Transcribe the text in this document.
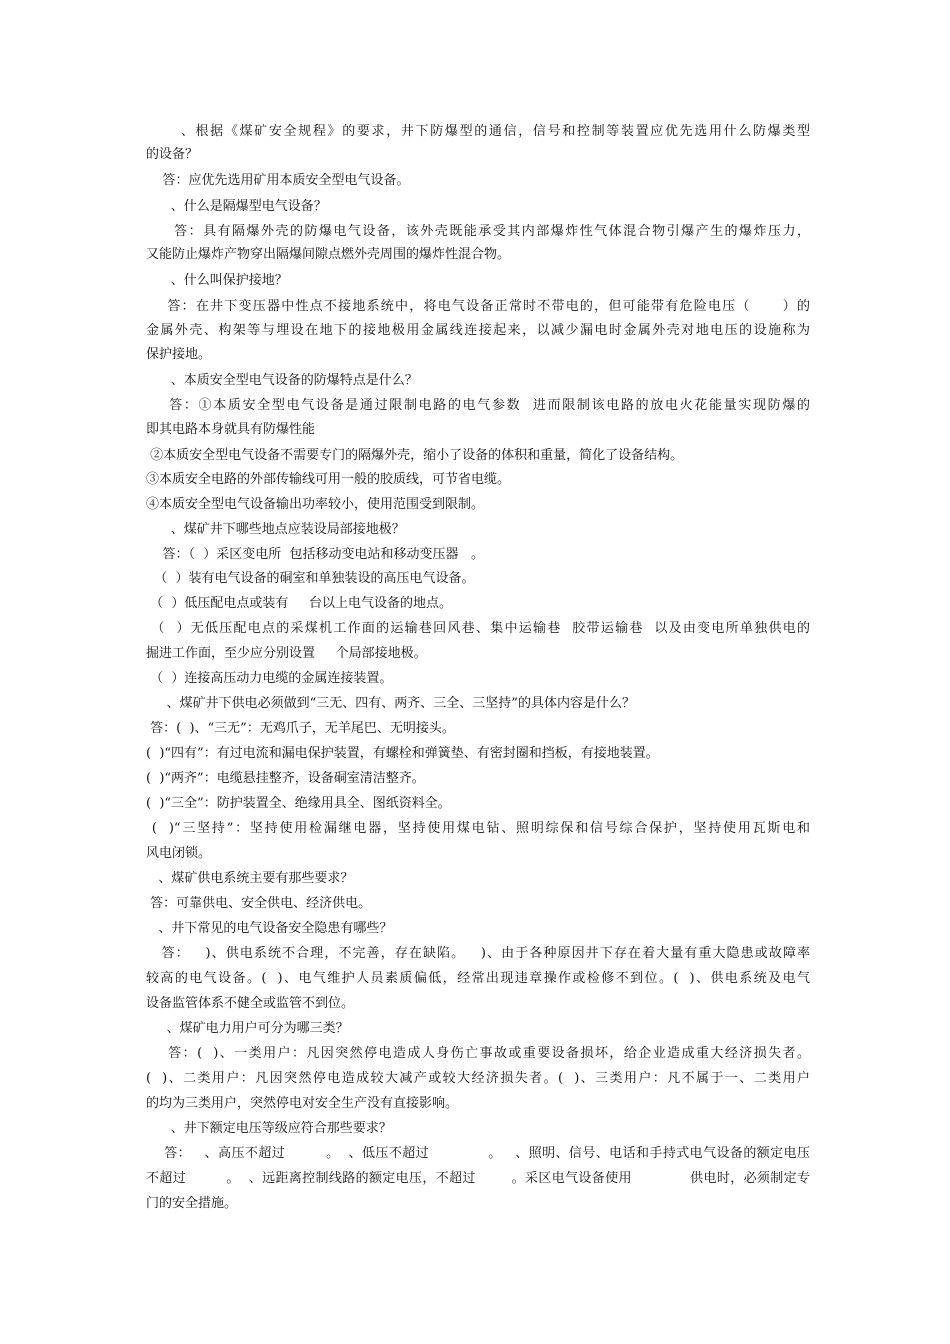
、根据《煤矿安全规程》的要求，井下防爆型的通信，信号和控制等装置应优先选用什么防爆类型
的设备？
答：应优先选用矿用本质安全型电气设备。
、什么是隔爆型电气设备？
答：具有隔爆外壳的防爆电气设备，该外壳既能承受其内部爆炸性气体混合物引爆产生的爆炸压力，
又能防止爆炸产物穿出隔爆间隙点燃外壳周围的爆炸性混合物。
、什么叫保护接地？
答：在井下变压器中性点不接地系统中，将电气设备正常时不带电的，但可能带有危险电压（      ）的
金属外壳、构架等与埋设在地下的接地极用金属线连接起来，以减少漏电时金属外壳对地电压的设施称为
保护接地。
、本质安全型电气设备的防爆特点是什么？
答：①本质安全型电气设备是通过限制电路的电气参数  进而限制该电路的放电火花能量实现防爆的
即其电路本身就具有防爆性能
②本质安全型电气设备不需要专门的隔爆外壳，缩小了设备的体积和重量，简化了设备结构。
③本质安全电路的外部传输线可用一般的胶质线，可节省电缆。
④本质安全型电气设备输出功率较小，使用范围受到限制。
、煤矿井下哪些地点应装设局部接地极？
答：（  ）采区变电所  包括移动变电站和移动变压器   。
（  ）装有电气设备的硐室和单独装设的高压电气设备。
（  ）低压配电点或装有     台以上电气设备的地点。
（  ）无低压配电点的采煤机工作面的运输巷回风巷、集中运输巷  胶带运输巷  以及由变电所单独供电的
掘进工作面，至少应分别设置     个局部接地极。
（  ）连接高压动力电缆的金属连接装置。
、煤矿井下供电必须做到“三无、四有、两齐、三全、三坚持”的具体内容是什么？
答：(  )、“三无”：无鸡爪子，无羊尾巴、无明接头。
(  )“四有”：有过电流和漏电保护装置，有螺栓和弹簧垫、有密封圈和挡板，有接地装置。
(  )“两齐”：电缆悬挂整齐，设备硐室清洁整齐。
(  )“三全”：防护装置全、绝缘用具全、图纸资料全。
(  )“三坚持”：坚持使用检漏继电器，坚持使用煤电钻、照明综保和信号综合保护，坚持使用瓦斯电和
风电闭锁。
、煤矿供电系统主要有那些要求？
答：可靠供电、安全供电、经济供电。
、井下常见的电气设备安全隐患有哪些？
答：   )、供电系统不合理，不完善，存在缺陷。   )、由于各种原因井下存在着大量有重大隐患或故障率
较高的电气设备。(  )、电气维护人员素质偏低，经常出现违章操作或检修不到位。(  )、供电系统及电气
设备监管体系不健全或监管不到位。
、煤矿电力用户可分为哪三类？
答：(  )、一类用户：凡因突然停电造成人身伤亡事故或重要设备损坏，给企业造成重大经济损失者。
(  )、二类用户：凡因突然停电造成较大减产或较大经济损失者。(  )、三类用户：凡不属于一、二类用户
的均为三类用户，突然停电对安全生产没有直接影响。
、井下额定电压等级应符合那些要求？
答：   、高压不超过         。  、低压不超过             。   、照明、信号、电话和手持式电气设备的额定电压
不超过         。  、远距离控制线路的额定电压，不超过        。采区电气设备使用             供电时，必须制定专
门的安全措施。
